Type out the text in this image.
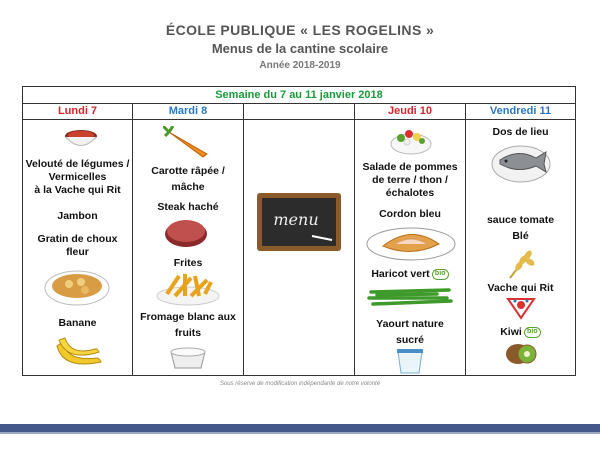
ÉCOLE PUBLIQUE « LES ROGELINS »
Menus de la cantine scolaire
Année 2018-2019
Semaine du 7 au 11 janvier 2018
Lundi 7
Velouté de légumes /
Vermicelles
à la Vache qui Rit
Jambon
Gratin de choux
fleur
Banane
Mardi 8
Carotte râpée /
mâche
Steak haché
Frites
Fromage blanc aux
fruits
menu
Jeudi 10
Salade de pommes
de terre / thon /
échalotes
Cordon bleu
Haricot vert bio
Yaourt nature
sucré
Vendredi 11
Dos de lieu
sauce tomate
Blé
Vache qui Rit
Kiwi bio
Sous réserve de modification indépendante de notre volonté
